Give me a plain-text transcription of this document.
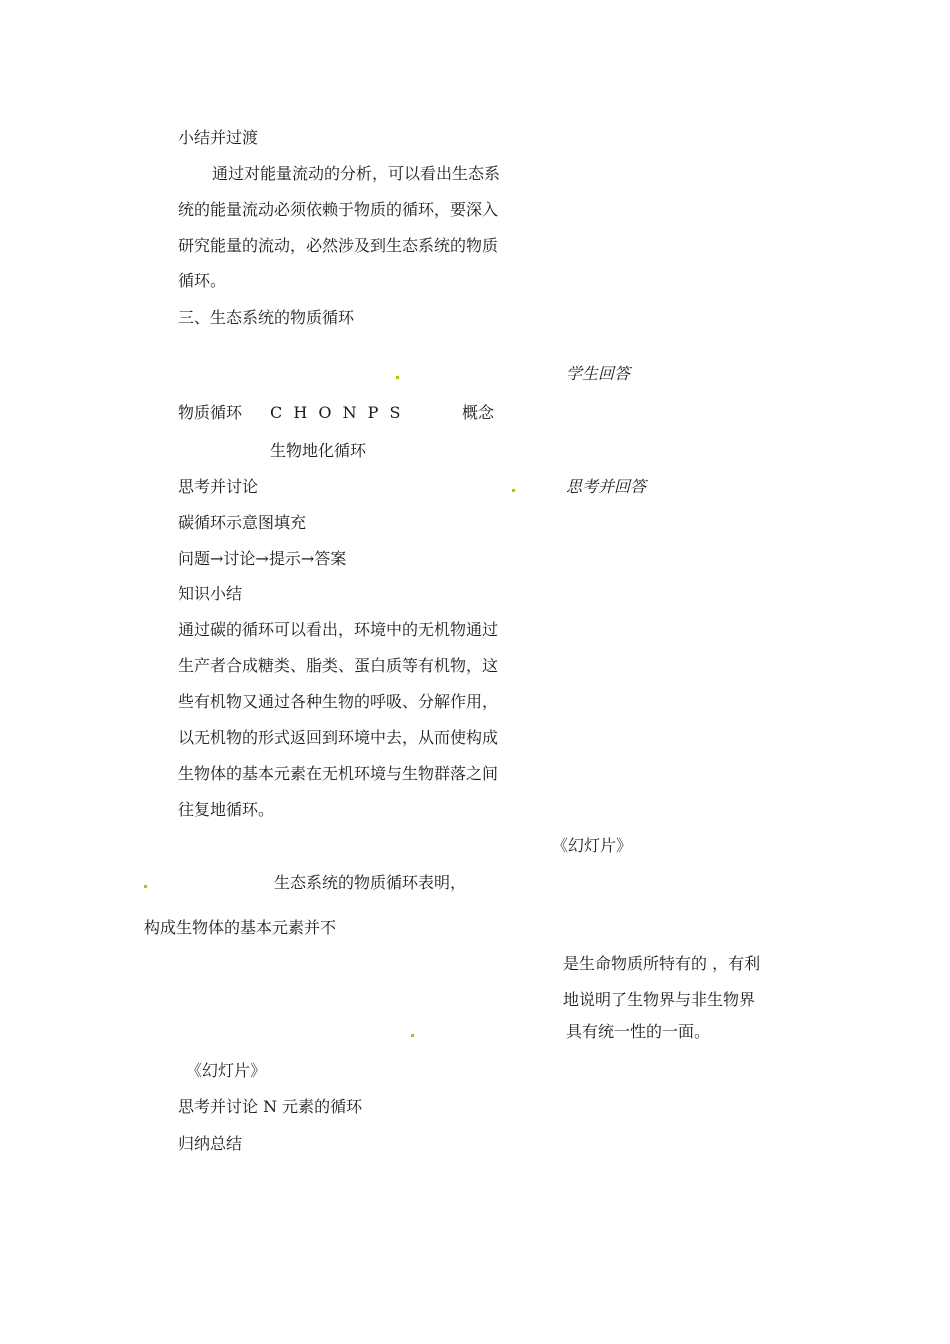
小结并过渡
通过对能量流动的分析，可以看出生态系
统的能量流动必须依赖于物质的循环，要深入
研究能量的流动，必然涉及到生态系统的物质
循环。
三、生态系统的物质循环
学生回答
物质循环 C H O N P S	概念
生物地化循环
思考并讨论	思考并回答
碳循环示意图填充
问题→讨论→提示→答案
知识小结
通过碳的循环可以看出，环境中的无机物通过
生产者合成糖类、脂类、蛋白质等有机物，这
些有机物又通过各种生物的呼吸、分解作用，
以无机物的形式返回到环境中去，从而使构成
生物体的基本元素在无机环境与生物群落之间
往复地循环。
《幻灯片》
生态系统的物质循环表明，
构成生物体的基本元素并不
是生命物质所特有的 ，有利
地说明了生物界与非生物界
具有统一性的一面。
《幻灯片》
思考并讨论 N 元素的循环
归纳总结
